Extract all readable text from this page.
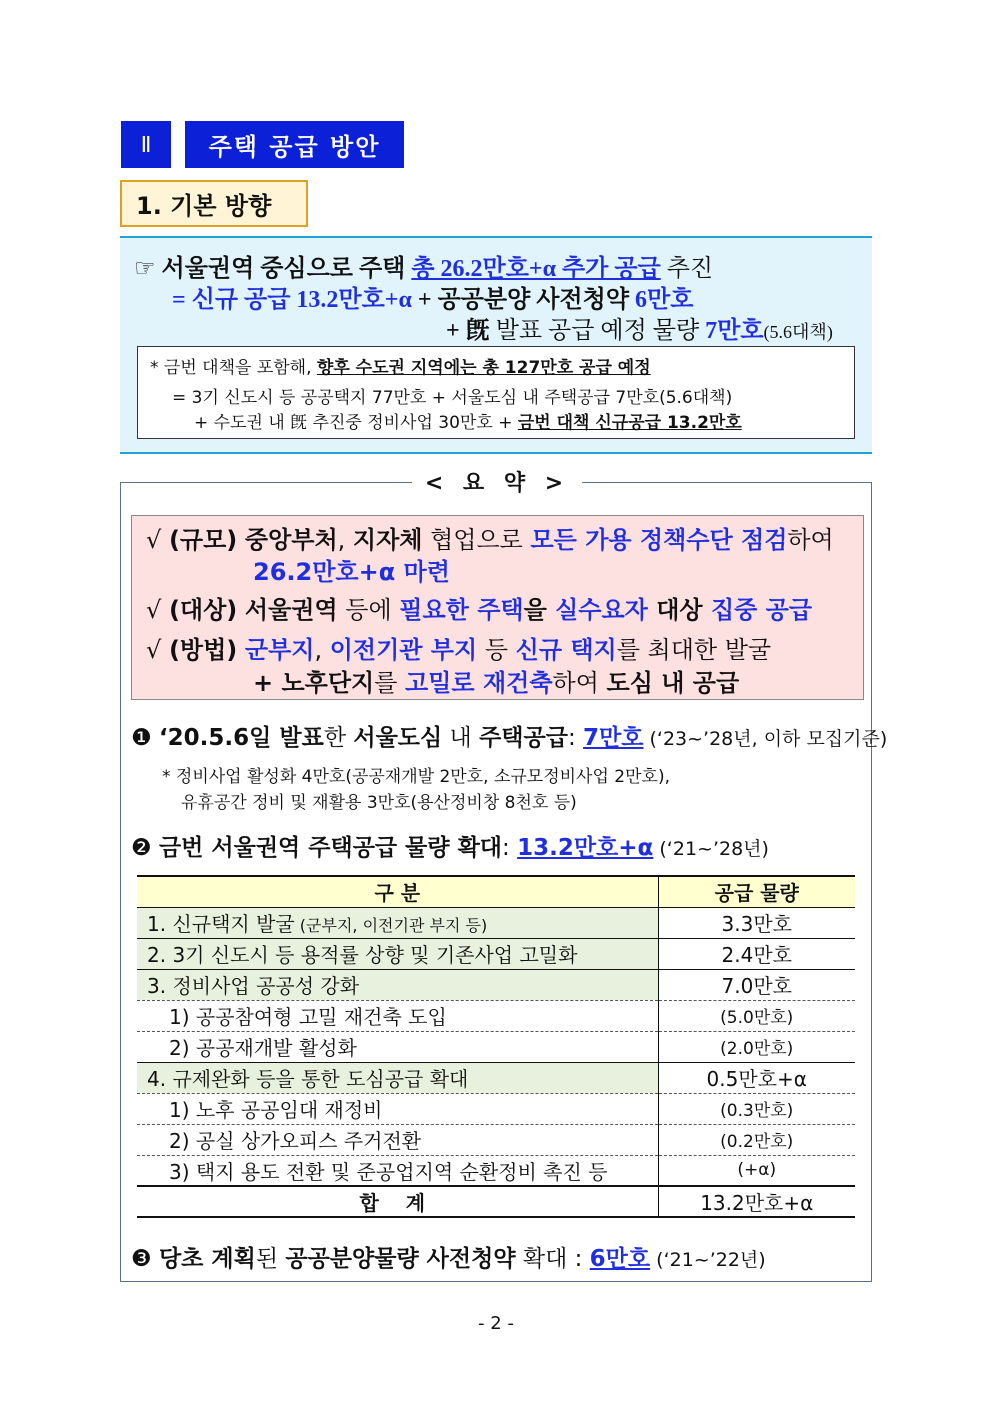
Ⅱ	주택 공급 방안
1. 기본 방향
☞ 서울권역 중심으로 주택 총 26.2만호+α 추가 공급 추진
= 신규 공급 13.2만호+α + 공공분양 사전청약 6만호
+ 旣 발표 공급 예정 물량 7만호(5.6대책)
* 금번 대책을 포함해, 향후 수도권 지역에는 총 127만호 공급 예정
= 3기 신도시 등 공공택지 77만호 + 서울도심 내 주택공급 7만호(5.6대책)
+ 수도권 내 旣 추진중 정비사업 30만호 + 금번 대책 신규공급 13.2만호
< 요 약 >
√ (규모) 중앙부처, 지자체 협업으로 모든 가용 정책수단 점검하여
26.2만호+α 마련
√ (대상) 서울권역 등에 필요한 주택을 실수요자 대상 집중 공급
√ (방법) 군부지, 이전기관 부지 등 신규 택지를 최대한 발굴
+ 노후단지를 고밀로 재건축하여 도심 내 공급
❶ ‘20.5.6일 발표한 서울도심 내 주택공급: 7만호 (‘23~’28년, 이하 모집기준)
* 정비사업 활성화 4만호(공공재개발 2만호, 소규모정비사업 2만호),
유휴공간 정비 및 재활용 3만호(용산정비창 8천호 등)
❷ 금번 서울권역 주택공급 물량 확대: 13.2만호+α (‘21~’28년)
구 분	공급 물량
1. 신규택지 발굴 (군부지, 이전기관 부지 등)	3.3만호
2. 3기 신도시 등 용적률 상향 및 기존사업 고밀화	2.4만호
3. 정비사업 공공성 강화	7.0만호
1) 공공참여형 고밀 재건축 도입	(5.0만호)
2) 공공재개발 활성화	(2.0만호)
4. 규제완화 등을 통한 도심공급 확대	0.5만호+α
1) 노후 공공임대 재정비	(0.3만호)
2) 공실 상가오피스 주거전환	(0.2만호)
3) 택지 용도 전환 및 준공업지역 순환정비 촉진 등	(+α)
합 계	13.2만호+α
❸ 당초 계획된 공공분양물량 사전청약 확대 : 6만호 (‘21~’22년)
- 2 -
